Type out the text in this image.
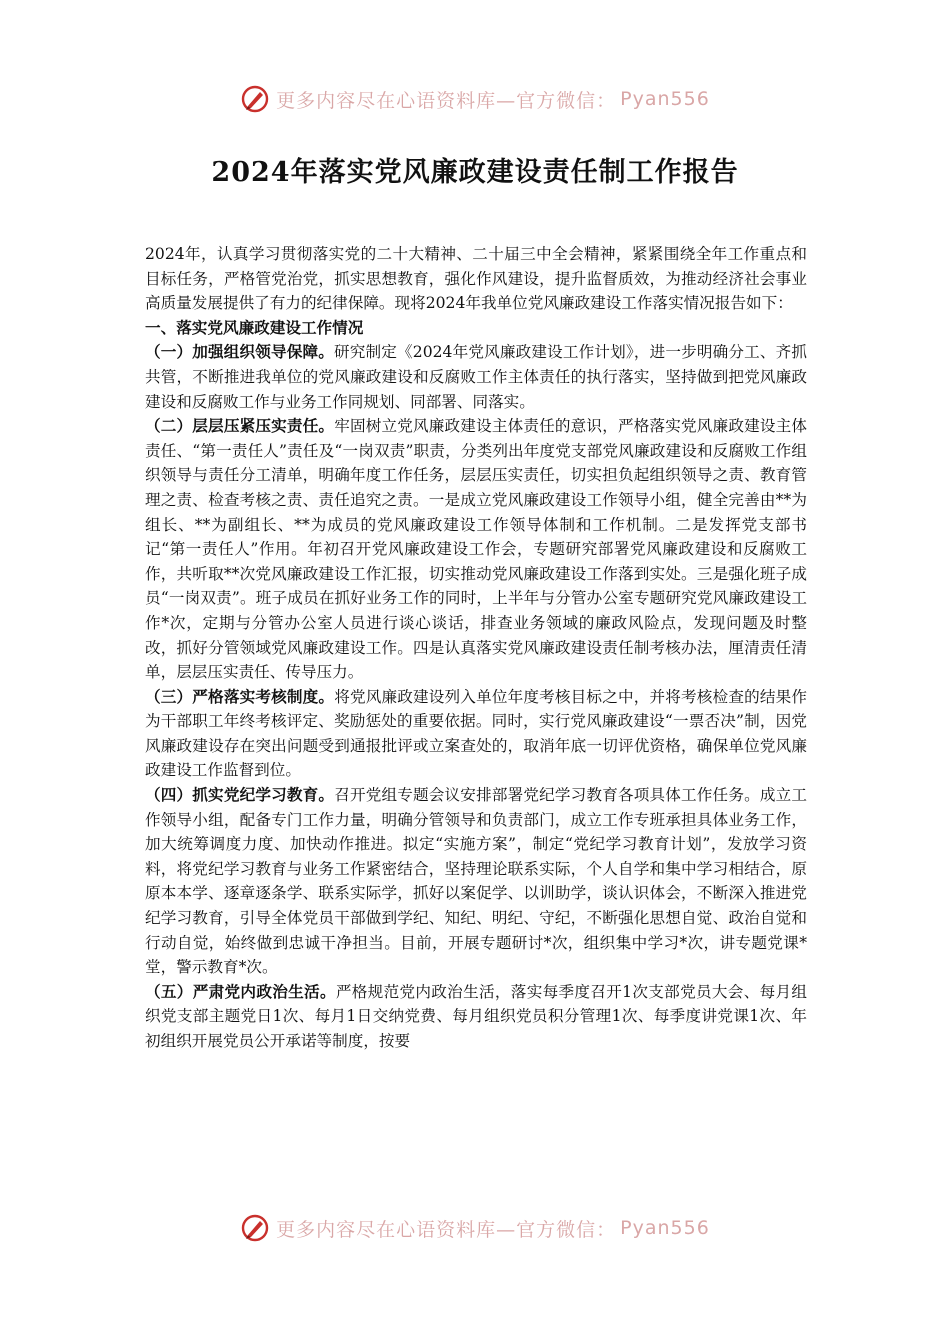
更多内容尽在心语资料库—官方微信： Pyan556
2024年落实党风廉政建设责任制工作报告

2024年，认真学习贯彻落实党的二十大精神、二十届三中全会精神，紧紧围绕全年工作重点和目标任务，严格管党治党，抓实思想教育，强化作风建设，提升监督质效，为推动经济社会事业高质量发展提供了有力的纪律保障。现将2024年我单位党风廉政建设工作落实情况报告如下：

一、落实党风廉政建设工作情况

（一）加强组织领导保障。研究制定《2024年党风廉政建设工作计划》，进一步明确分工、齐抓共管，不断推进我单位的党风廉政建设和反腐败工作主体责任的执行落实，坚持做到把党风廉政建设和反腐败工作与业务工作同规划、同部署、同落实。

（二）层层压紧压实责任。牢固树立党风廉政建设主体责任的意识，严格落实党风廉政建设主体责任、“第一责任人”责任及“一岗双责”职责，分类列出年度党支部党风廉政建设和反腐败工作组织领导与责任分工清单，明确年度工作任务，层层压实责任，切实担负起组织领导之责、教育管理之责、检查考核之责、责任追究之责。一是成立党风廉政建设工作领导小组，健全完善由**为组长、**为副组长、**为成员的党风廉政建设工作领导体制和工作机制。二是发挥党支部书记“第一责任人”作用。年初召开党风廉政建设工作会，专题研究部署党风廉政建设和反腐败工作，共听取**次党风廉政建设工作汇报，切实推动党风廉政建设工作落到实处。三是强化班子成员“一岗双责”。班子成员在抓好业务工作的同时，上半年与分管办公室专题研究党风廉政建设工作*次，定期与分管办公室人员进行谈心谈话，排查业务领域的廉政风险点，发现问题及时整改，抓好分管领域党风廉政建设工作。四是认真落实党风廉政建设责任制考核办法，厘清责任清单，层层压实责任、传导压力。

（三）严格落实考核制度。将党风廉政建设列入单位年度考核目标之中，并将考核检查的结果作为干部职工年终考核评定、奖励惩处的重要依据。同时，实行党风廉政建设“一票否决”制，因党风廉政建设存在突出问题受到通报批评或立案查处的，取消年底一切评优资格，确保单位党风廉政建设工作监督到位。

（四）抓实党纪学习教育。召开党组专题会议安排部署党纪学习教育各项具体工作任务。成立工作领导小组，配备专门工作力量，明确分管领导和负责部门，成立工作专班承担具体业务工作，加大统筹调度力度、加快动作推进。拟定“实施方案”，制定“党纪学习教育计划”，发放学习资料，将党纪学习教育与业务工作紧密结合，坚持理论联系实际，个人自学和集中学习相结合，原原本本学、逐章逐条学、联系实际学，抓好以案促学、以训助学，谈认识体会，不断深入推进党纪学习教育，引导全体党员干部做到学纪、知纪、明纪、守纪，不断强化思想自觉、政治自觉和行动自觉，始终做到忠诚干净担当。目前，开展专题研讨*次，组织集中学习*次，讲专题党课*堂，警示教育*次。

（五）严肃党内政治生活。严格规范党内政治生活，落实每季度召开1次支部党员大会、每月组织党支部主题党日1次、每月1日交纳党费、每月组织党员积分管理1次、每季度讲党课1次、年初组织开展党员公开承诺等制度，按要

更多内容尽在心语资料库—官方微信： Pyan556
